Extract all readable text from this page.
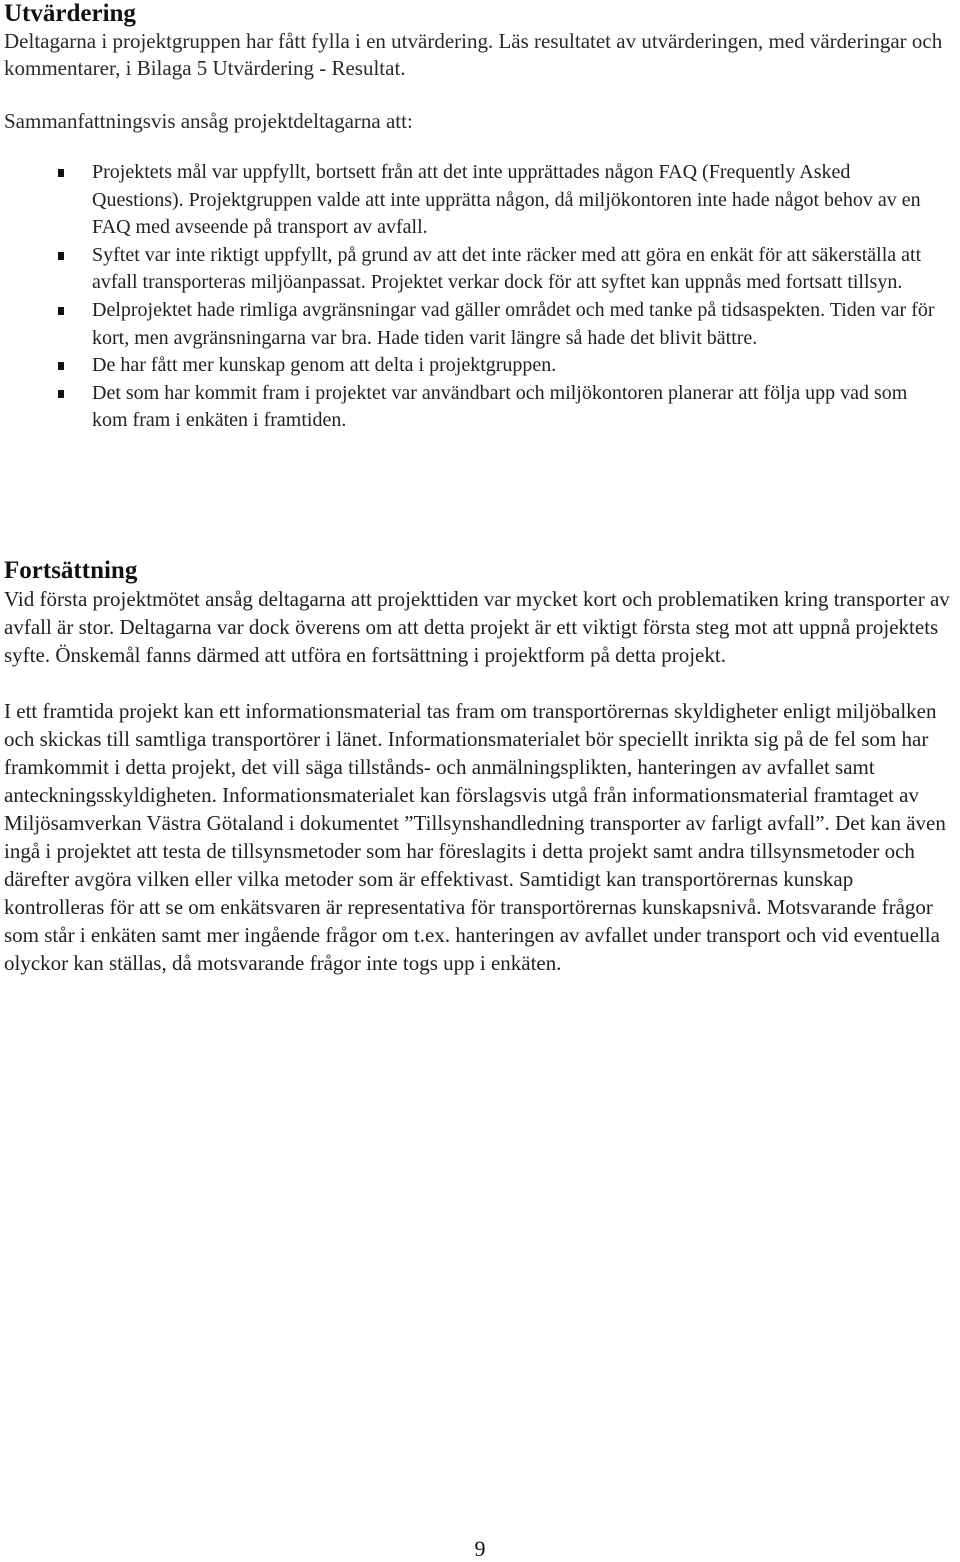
Utvärdering

Deltagarna i projektgruppen har fått fylla i en utvärdering. Läs resultatet av utvärderingen, med värderingar och kommentarer, i Bilaga 5 Utvärdering - Resultat.

Sammanfattningsvis ansåg projektdeltagarna att:

Projektets mål var uppfyllt, bortsett från att det inte upprättades någon FAQ (Frequently Asked Questions). Projektgruppen valde att inte upprätta någon, då miljökontoren inte hade något behov av en FAQ med avseende på transport av avfall.
Syftet var inte riktigt uppfyllt, på grund av att det inte räcker med att göra en enkät för att säkerställa att avfall transporteras miljöanpassat. Projektet verkar dock för att syftet kan uppnås med fortsatt tillsyn.
Delprojektet hade rimliga avgränsningar vad gäller området och med tanke på tidsaspekten. Tiden var för kort, men avgränsningarna var bra. Hade tiden varit längre så hade det blivit bättre.
De har fått mer kunskap genom att delta i projektgruppen.
Det som har kommit fram i projektet var användbart och miljökontoren planerar att följa upp vad som kom fram i enkäten i framtiden.
Fortsättning

Vid första projektmötet ansåg deltagarna att projekttiden var mycket kort och problematiken kring transporter av avfall är stor. Deltagarna var dock överens om att detta projekt är ett viktigt första steg mot att uppnå projektets syfte. Önskemål fanns därmed att utföra en fortsättning i projektform på detta projekt.

I ett framtida projekt kan ett informationsmaterial tas fram om transportörernas skyldigheter enligt miljöbalken och skickas till samtliga transportörer i länet. Informationsmaterialet bör speciellt inrikta sig på de fel som har framkommit i detta projekt, det vill säga tillstånds- och anmälningsplikten, hanteringen av avfallet samt anteckningsskyldigheten. Informationsmaterialet kan förslagsvis utgå från informationsmaterial framtaget av Miljösamverkan Västra Götaland i dokumentet ”Tillsynshandledning transporter av farligt avfall”. Det kan även ingå i projektet att testa de tillsynsmetoder som har föreslagits i detta projekt samt andra tillsynsmetoder och därefter avgöra vilken eller vilka metoder som är effektivast. Samtidigt kan transportörernas kunskap kontrolleras för att se om enkätsvaren är representativa för transportörernas kunskapsnivå. Motsvarande frågor som står i enkäten samt mer ingående frågor om t.ex. hanteringen av avfallet under transport och vid eventuella olyckor kan ställas, då motsvarande frågor inte togs upp i enkäten.

9
